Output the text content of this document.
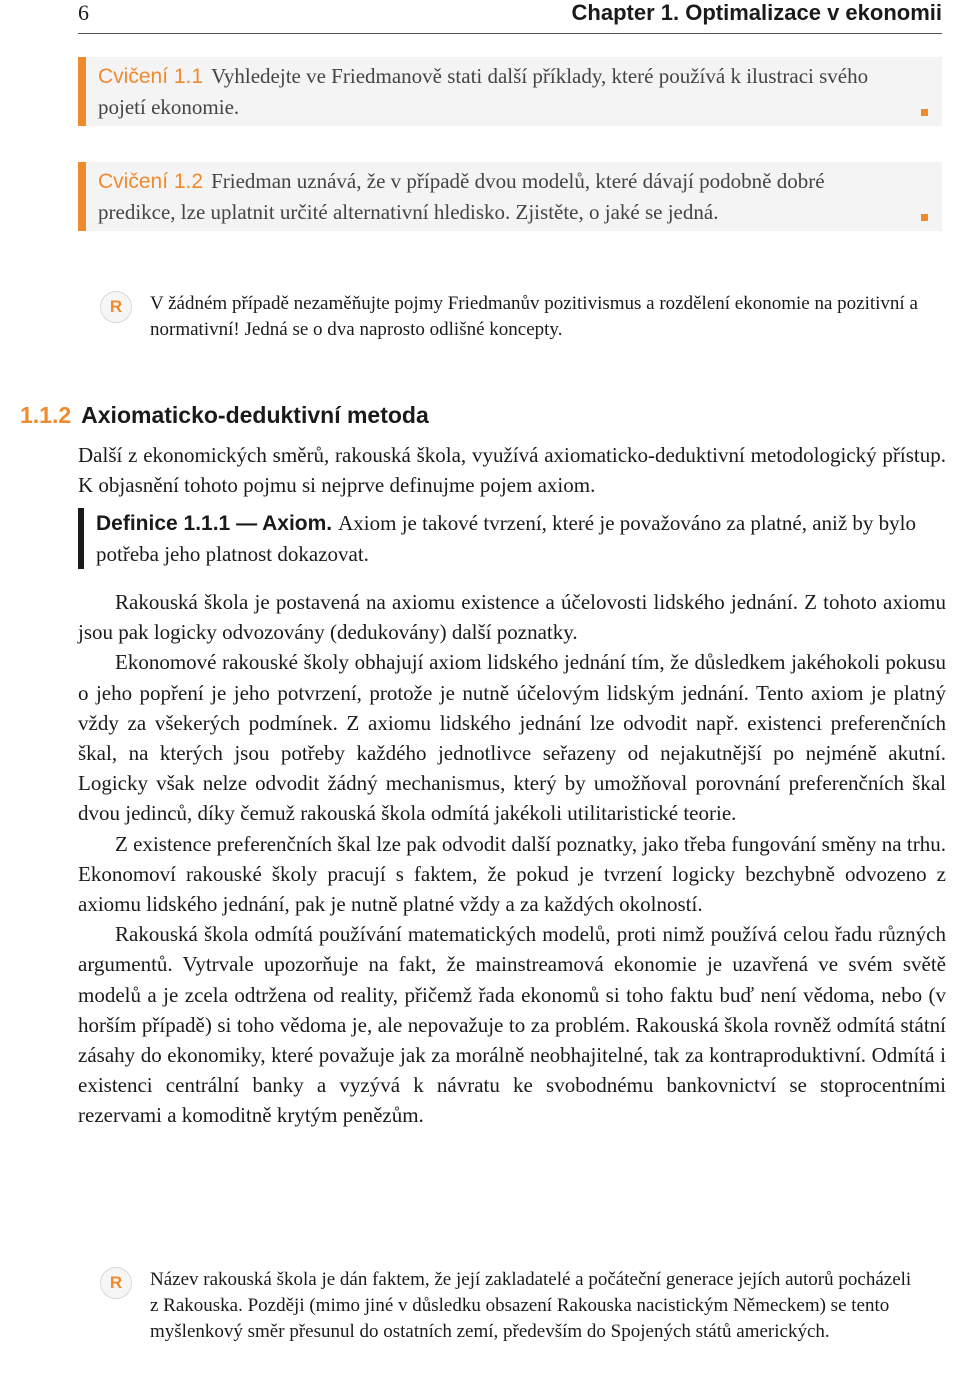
6	Chapter 1. Optimalizace v ekonomii
Cvičení 1.1 Vyhledejte ve Friedmanově stati další příklady, které používá k ilustraci svého pojetí ekonomie.
Cvičení 1.2 Friedman uznává, že v případě dvou modelů, které dávají podobně dobré predikce, lze uplatnit určité alternativní hledisko. Zjistěte, o jaké se jedná.
R	V žádném případě nezaměňujte pojmy Friedmanův pozitivismus a rozdělení ekonomie na pozitivní a normativní! Jedná se o dva naprosto odlišné koncepty.
1.1.2 Axiomaticko-deduktivní metoda

Další z ekonomických směrů, rakouská škola, využívá axiomaticko-deduktivní metodologický přístup. K objasnění tohoto pojmu si nejprve definujme pojem axiom.

Definice 1.1.1 — Axiom. Axiom je takové tvrzení, které je považováno za platné, aniž by bylo potřeba jeho platnost dokazovat.

Rakouská škola je postavená na axiomu existence a účelovosti lidského jednání. Z tohoto axiomu jsou pak logicky odvozovány (dedukovány) další poznatky.

Ekonomové rakouské školy obhajují axiom lidského jednání tím, že důsledkem jakéhokoli pokusu o jeho popření je jeho potvrzení, protože je nutně účelovým lidským jednání. Tento axiom je platný vždy za všekerých podmínek. Z axiomu lidského jednání lze odvodit např. existenci preferenčních škal, na kterých jsou potřeby každého jednotlivce seřazeny od nejakutnější po nejméně akutní. Logicky však nelze odvodit žádný mechanismus, který by umožňoval porovnání preferenčních škal dvou jedinců, díky čemuž rakouská škola odmítá jakékoli utilitaristické teorie.

Z existence preferenčních škal lze pak odvodit další poznatky, jako třeba fungování směny na trhu. Ekonomoví rakouské školy pracují s faktem, že pokud je tvrzení logicky bezchybně odvozeno z axiomu lidského jednání, pak je nutně platné vždy a za každých okolností.

Rakouská škola odmítá používání matematických modelů, proti nimž používá celou řadu různých argumentů. Vytrvale upozorňuje na fakt, že mainstreamová ekonomie je uzavřená ve svém světě modelů a je zcela odtržena od reality, přičemž řada ekonomů si toho faktu buď není vědoma, nebo (v horším případě) si toho vědoma je, ale nepovažuje to za problém. Rakouská škola rovněž odmítá státní zásahy do ekonomiky, které považuje jak za morálně neobhajitelné, tak za kontraproduktivní. Odmítá i existenci centrální banky a vyzývá k návratu ke svobodnému bankovnictví se stoprocentními rezervami a komoditně krytým penězům.

R	Název rakouská škola je dán faktem, že její zakladatelé a počáteční generace jejích autorů pocházeli z Rakouska. Později (mimo jiné v důsledku obsazení Rakouska nacistickým Německem) se tento myšlenkový směr přesunul do ostatních zemí, především do Spojených států amerických.
